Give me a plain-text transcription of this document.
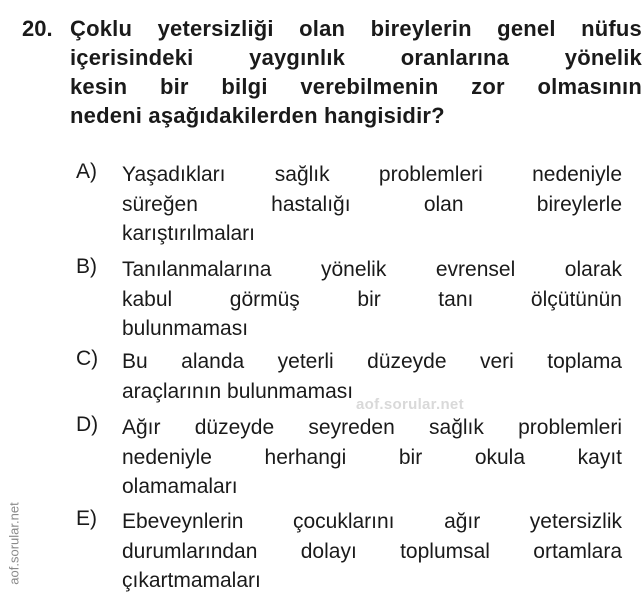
20. Çoklu yetersizliği olan bireylerin genel nüfus
içerisindeki yaygınlık oranlarına yönelik
kesin bir bilgi verebilmenin zor olmasının
nedeni aşağıdakilerden hangisidir?

A) Yaşadıkları sağlık problemleri nedeniyle
süreğen hastalığı olan bireylerle
karıştırılmaları
B) Tanılanmalarına yönelik evrensel olarak
kabul görmüş bir tanı ölçütünün
bulunmaması
C) Bu alanda yeterli düzeyde veri toplama
araçlarının bulunmaması
D) Ağır düzeyde seyreden sağlık problemleri
nedeniyle herhangi bir okula kayıt
olamamaları
E) Ebeveynlerin çocuklarını ağır yetersizlik
durumlarından dolayı toplumsal ortamlara
çıkartmamaları
aof.sorular.net
aof.sorular.net
